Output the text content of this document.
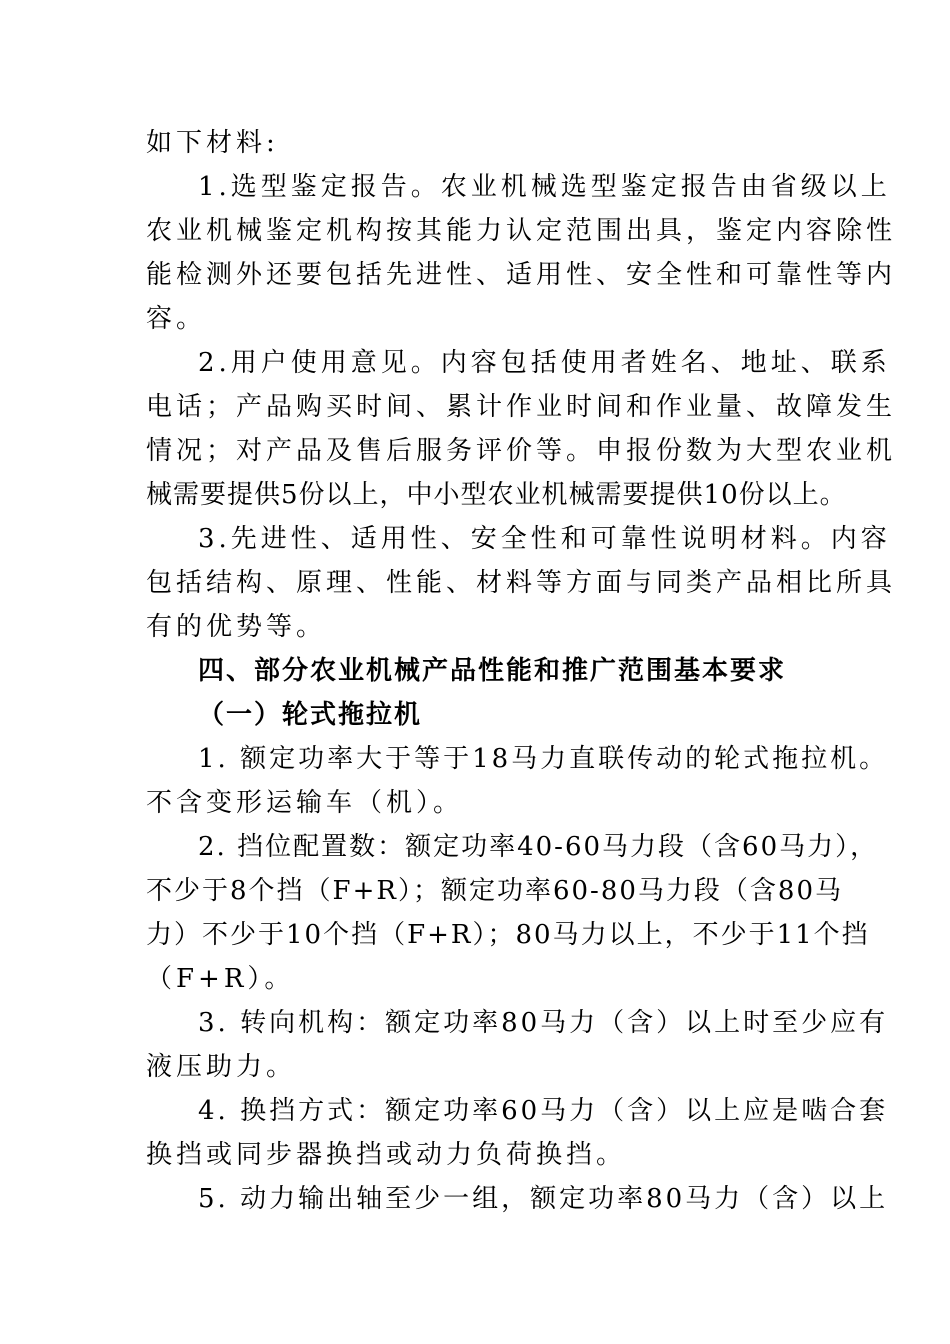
如下材料:
1.选型鉴定报告。农业机械选型鉴定报告由省级以上
农业机械鉴定机构按其能力认定范围出具，鉴定内容除性
能检测外还要包括先进性、适用性、安全性和可靠性等内
容。
2.用户使用意见。内容包括使用者姓名、地址、联系
电话；产品购买时间、累计作业时间和作业量、故障发生
情况；对产品及售后服务评价等。申报份数为大型农业机
械需要提供5份以上，中小型农业机械需要提供10份以上。
3.先进性、适用性、安全性和可靠性说明材料。内容
包括结构、原理、性能、材料等方面与同类产品相比所具
有的优势等。
四、部分农业机械产品性能和推广范围基本要求
（一）轮式拖拉机
1. 额定功率大于等于18马力直联传动的轮式拖拉机。
不含变形运输车（机）。
2. 挡位配置数：额定功率40-60马力段（含60马力），
不少于8个挡（F+R）；额定功率60-80马力段（含80马
力）不少于10个挡（F+R）；80马力以上，不少于11个挡
（F+R）。
3. 转向机构：额定功率80马力（含）以上时至少应有
液压助力。
4. 换挡方式：额定功率60马力（含）以上应是啮合套
换挡或同步器换挡或动力负荷换挡。
5. 动力输出轴至少一组，额定功率80马力（含）以上
